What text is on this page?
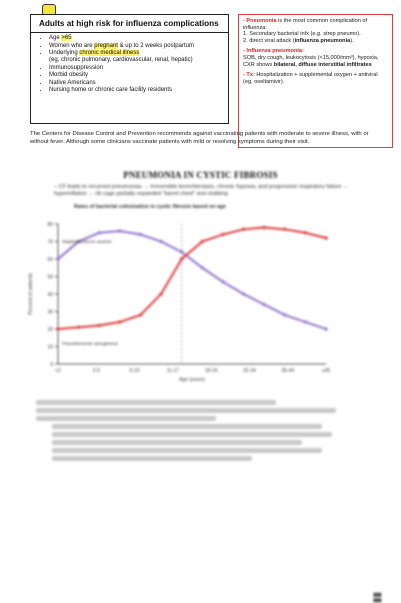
Adults at high risk for influenza complications
• Age >65
• Women who are pregnant & up to 2 weeks postpartum
• Underlying chronic medical illness
(eg, chronic pulmonary, cardiovascular, renal, hepatic)
• Immunosuppression
• Morbid obesity
• Native Americans
• Nursing home or chronic care facility residents

- Pneumonia is the most common complication of influenza:
1. Secondary bacterial infx (e.g. strep pneumo).
2. direct viral attack (influenza pneumonia).

- Influenza pneumonia:
SOB, dry cough, leukocytosis (<15,000/mm³), hypoxia, CXR shows bilateral, diffuse interstitial infiltrates

- Tx: Hospitalization + supplemental oxygen + antiviral (eg, oseltamivir).

The Centers for Disease Control and Prevention recommends against vaccinating patients with moderate to severe illness, with or without fever. Although some clinicians vaccinate patients with mild or resolving symptoms during their visit.
PNEUMONIA IN CYSTIC FIBROSIS
– CF leads to recurrent pneumonias → irreversible bronchiectasis, chronic hypoxia, and progressive respiratory failure → hyperinflation → rib cage partially expanded "barrel chest" and clubbing
Rates of bacterial colonization in cystic fibrosis based on age
0
10
20
30
40
50
60
70
80
<2	2-5	6-10	11-17	18-24	25-34	35-44	≥45
Age (years)
Percent of patients
Staphylococcus aureus
Pseudomonas aeruginosa
▮▮
